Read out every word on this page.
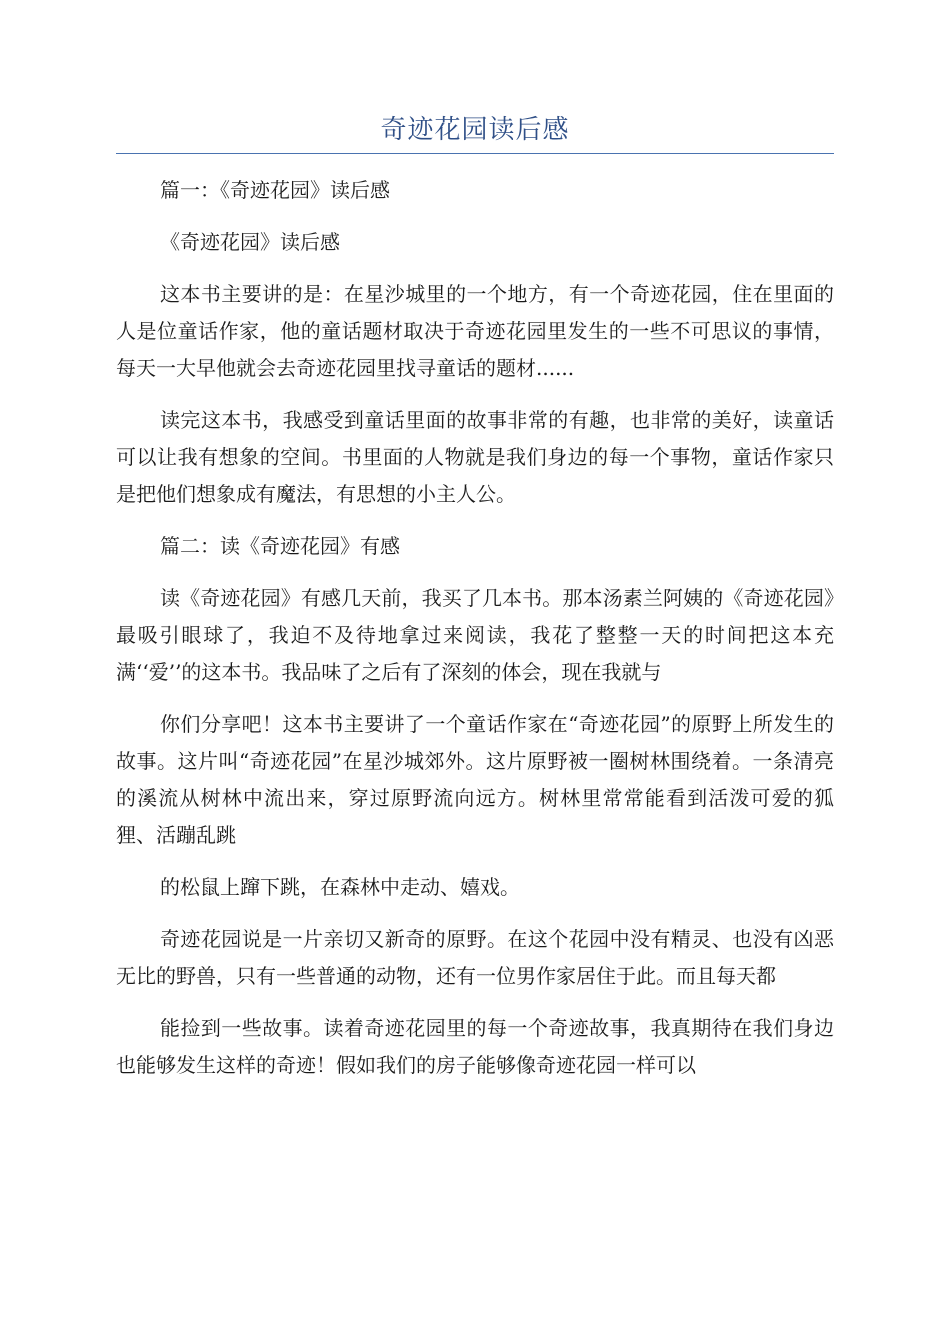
奇迹花园读后感

篇一：《奇迹花园》读后感

《奇迹花园》读后感

这本书主要讲的是：在星沙城里的一个地方，有一个奇迹花园，住在里面的人是位童话作家，他的童话题材取决于奇迹花园里发生的一些不可思议的事情，每天一大早他就会去奇迹花园里找寻童话的题材......

读完这本书，我感受到童话里面的故事非常的有趣，也非常的美好，读童话可以让我有想象的空间。书里面的人物就是我们身边的每一个事物，童话作家只是把他们想象成有魔法，有思想的小主人公。

篇二：读《奇迹花园》有感

读《奇迹花园》有感几天前，我买了几本书。那本汤素兰阿姨的《奇迹花园》最吸引眼球了，我迫不及待地拿过来阅读，我花了整整一天的时间把这本充满‘‘爱’’的这本书。我品味了之后有了深刻的体会，现在我就与

你们分享吧！这本书主要讲了一个童话作家在“奇迹花园”的原野上所发生的故事。这片叫“奇迹花园”在星沙城郊外。这片原野被一圈树林围绕着。一条清亮的溪流从树林中流出来，穿过原野流向远方。树林里常常能看到活泼可爱的狐狸、活蹦乱跳

的松鼠上蹿下跳，在森林中走动、嬉戏。

奇迹花园说是一片亲切又新奇的原野。在这个花园中没有精灵、也没有凶恶无比的野兽，只有一些普通的动物，还有一位男作家居住于此。而且每天都

能捡到一些故事。读着奇迹花园里的每一个奇迹故事，我真期待在我们身边也能够发生这样的奇迹！假如我们的房子能够像奇迹花园一样可以
